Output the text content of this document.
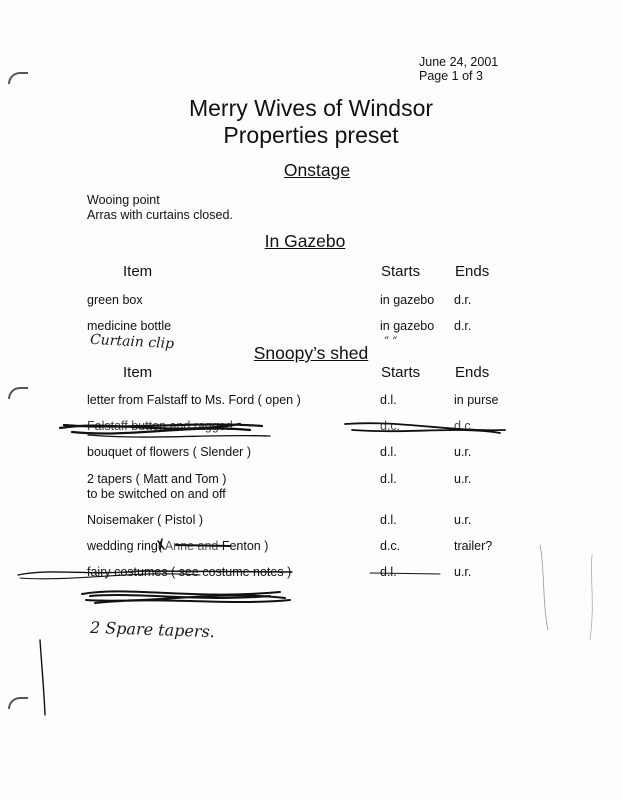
June 24, 2001
Page 1 of 3
Merry Wives of Windsor
Properties preset
Onstage
Wooing point
Arras with curtains closed.
In Gazebo
Item	Starts Ends
green box	in gazebo d.r.
medicine bottle	in gazebo d.r.
Curtain clip	” ”
Snoopy’s shed
Item	Starts Ends
letter from Falstaff to Ms. Ford ( open )	d.l.	in purse
Falstaff button and ragged	d.c.	d.c.
bouquet of flowers ( Slender )	d.l.	u.r.
2 tapers ( Matt and Tom )
to be switched on and off
d.l.	u.r.
Noisemaker ( Pistol )	d.l.	u.r.
wedding ring( Anne and Fenton )	d.c.	trailer?
fairy costumes ( see costume notes )	d.l.	u.r.
2 Spare tapers.
